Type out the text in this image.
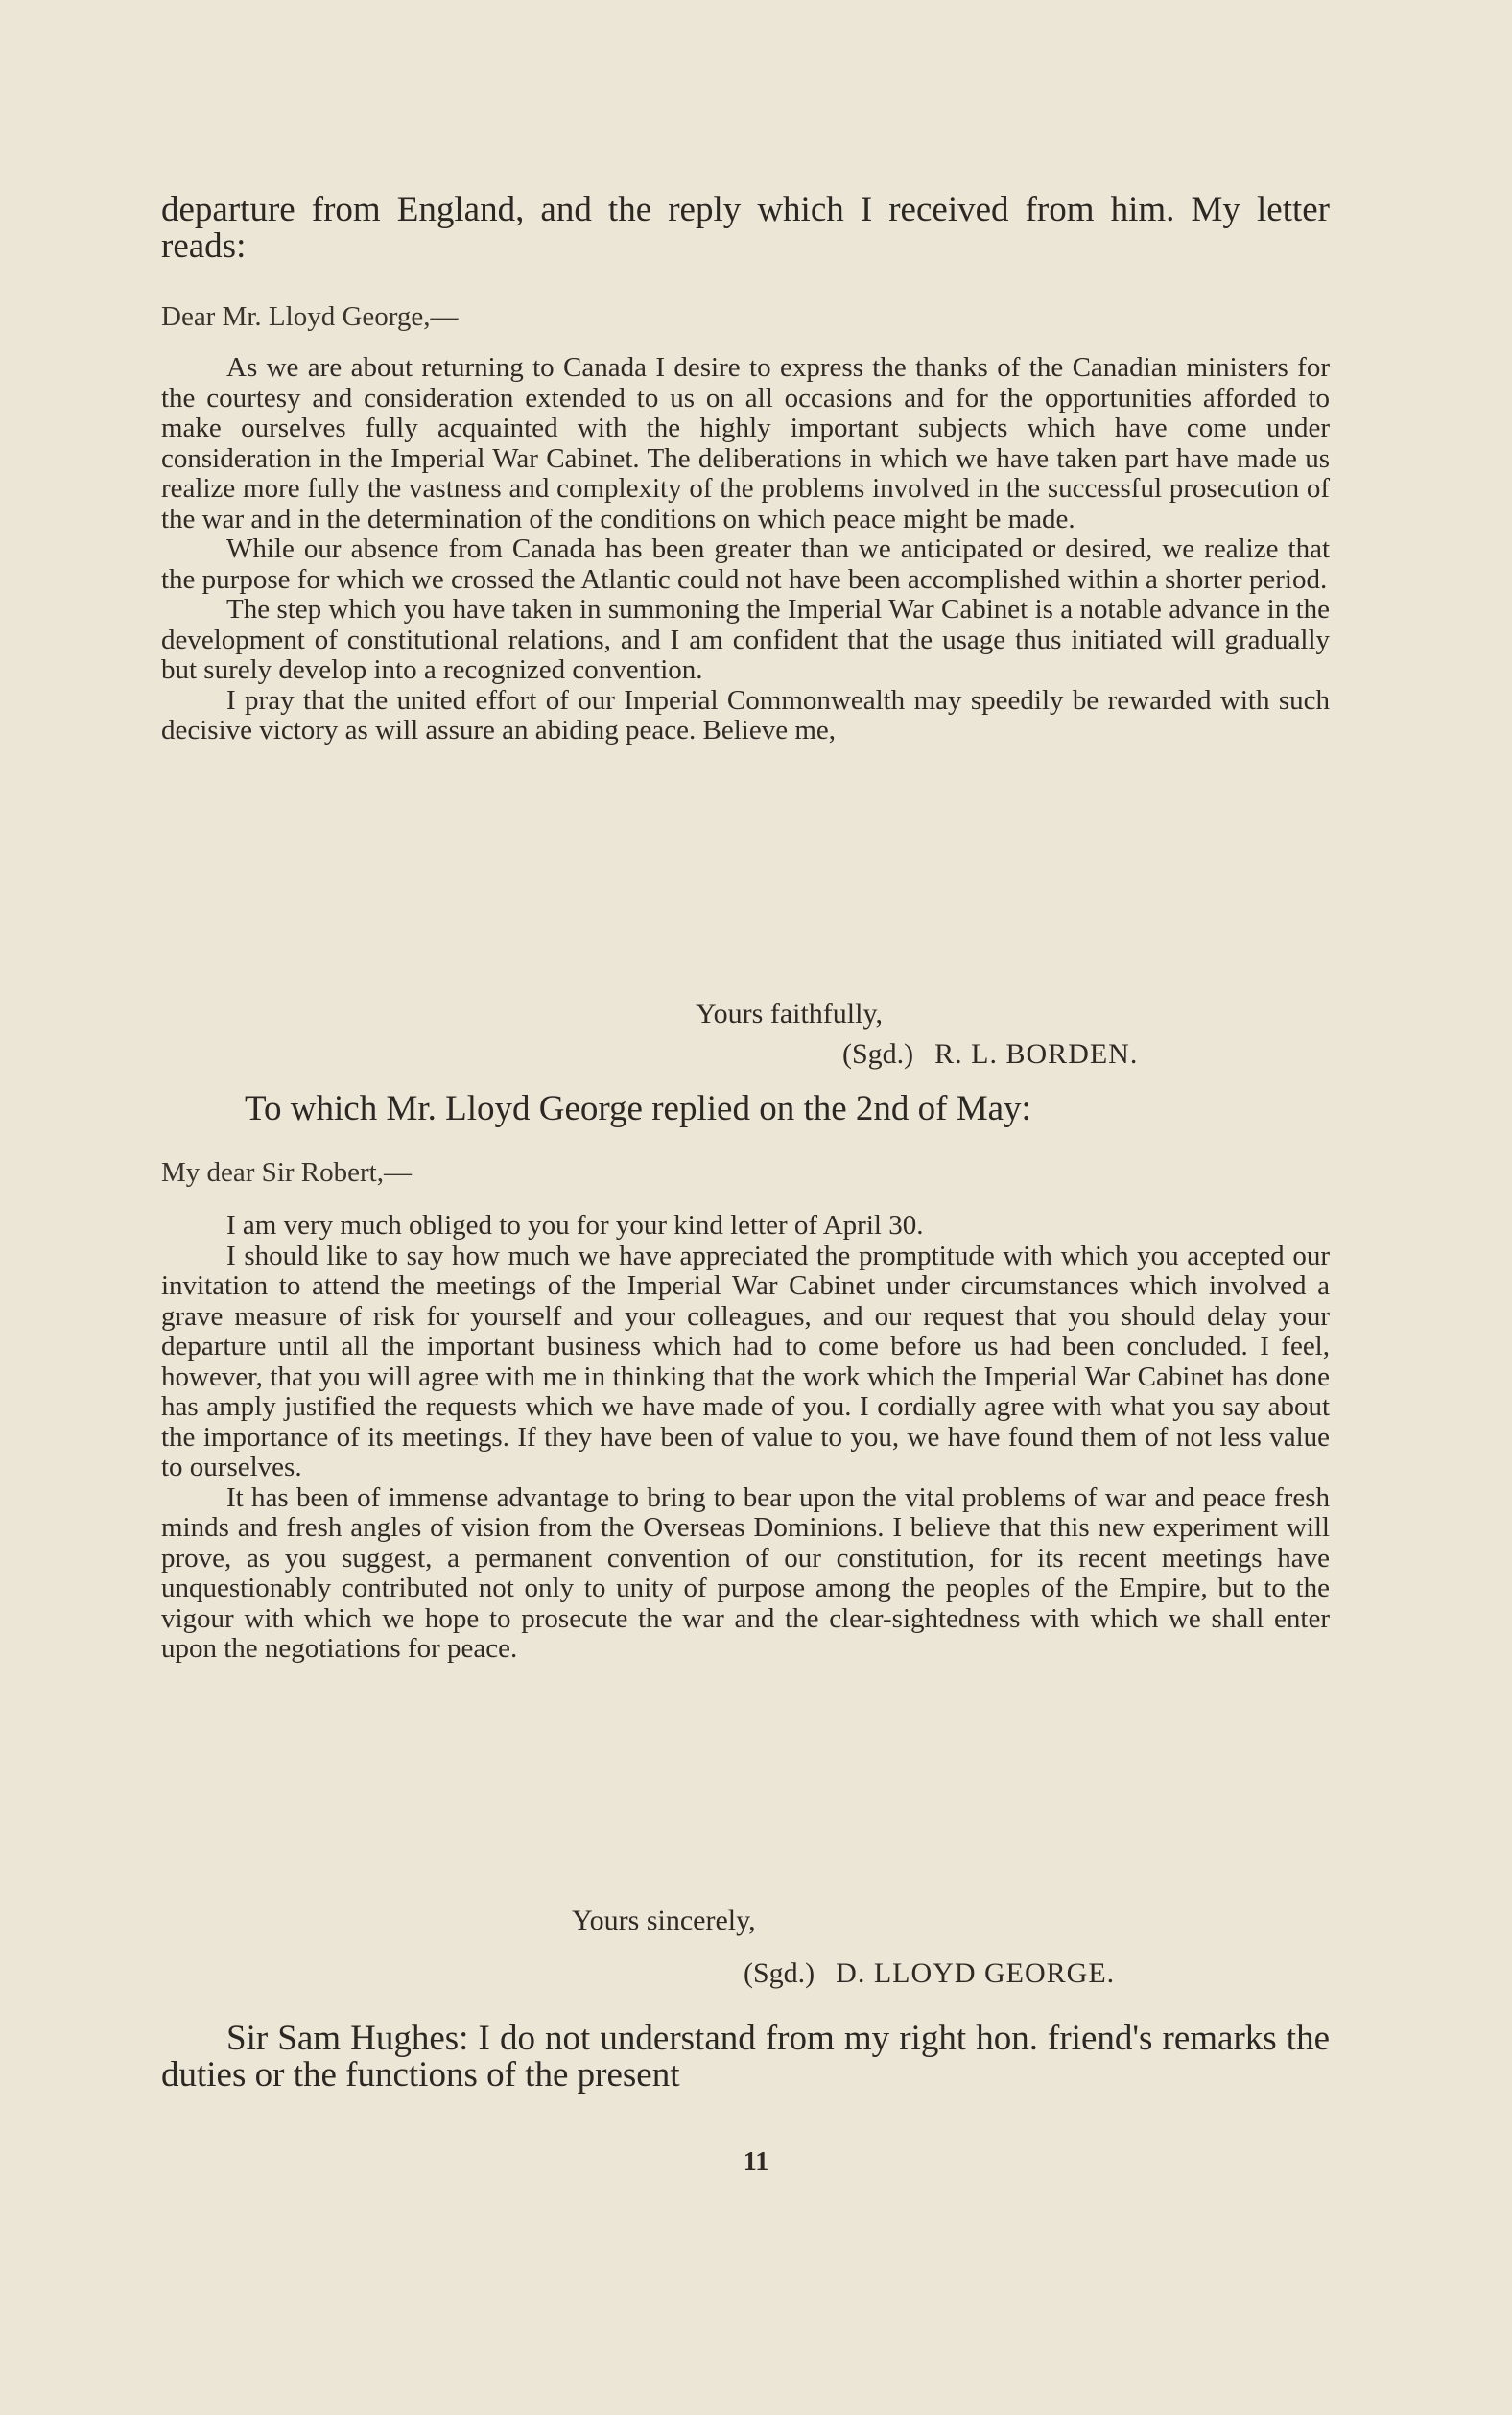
departure from England, and the reply which I received from him. My letter reads:

Dear Mr. Lloyd George,—

As we are about returning to Canada I desire to express the thanks of the Canadian ministers for the courtesy and consideration extended to us on all occasions and for the opportunities afforded to make ourselves fully acquainted with the highly important subjects which have come under consideration in the Imperial War Cabinet. The deliberations in which we have taken part have made us realize more fully the vastness and complexity of the problems involved in the successful prosecution of the war and in the determination of the conditions on which peace might be made.

While our absence from Canada has been greater than we anticipated or desired, we realize that the purpose for which we crossed the Atlantic could not have been accomplished within a shorter period.

The step which you have taken in summoning the Imperial War Cabinet is a notable advance in the development of constitutional relations, and I am confident that the usage thus initiated will gradually but surely develop into a recognized convention.

I pray that the united effort of our Imperial Commonwealth may speedily be rewarded with such decisive victory as will assure an abiding peace. Believe me,

Yours faithfully,
(Sgd.) R. L. BORDEN.
To which Mr. Lloyd George replied on the 2nd of May:

My dear Sir Robert,—

I am very much obliged to you for your kind letter of April 30.

I should like to say how much we have appreciated the promptitude with which you accepted our invitation to attend the meetings of the Imperial War Cabinet under circumstances which involved a grave measure of risk for yourself and your colleagues, and our request that you should delay your departure until all the important business which had to come before us had been concluded. I feel, however, that you will agree with me in thinking that the work which the Imperial War Cabinet has done has amply justified the requests which we have made of you. I cordially agree with what you say about the importance of its meetings. If they have been of value to you, we have found them of not less value to ourselves.

It has been of immense advantage to bring to bear upon the vital problems of war and peace fresh minds and fresh angles of vision from the Overseas Dominions. I believe that this new experiment will prove, as you suggest, a permanent convention of our constitution, for its recent meetings have unquestionably contributed not only to unity of purpose among the peoples of the Empire, but to the vigour with which we hope to prosecute the war and the clear-sightedness with which we shall enter upon the negotiations for peace.

Yours sincerely,
(Sgd.) D. LLOYD GEORGE.

Sir Sam Hughes: I do not understand from my right hon. friend's remarks the duties or the functions of the present

11
